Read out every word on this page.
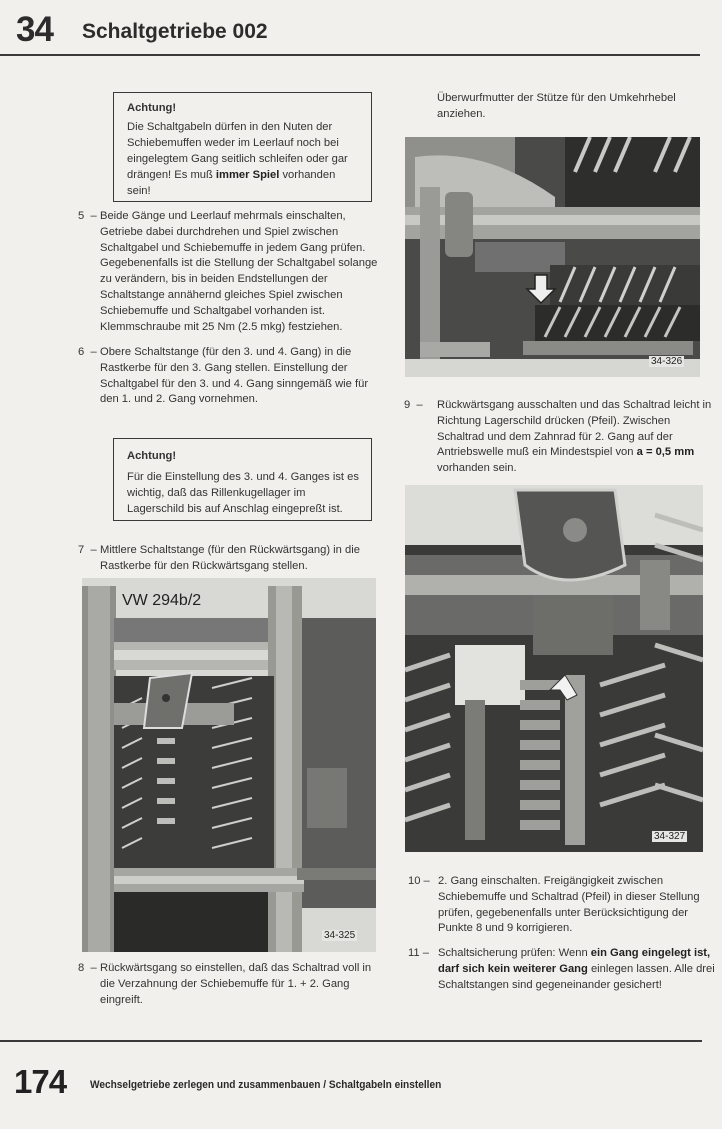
34 Schaltgetriebe 002
Achtung!
Die Schaltgabeln dürfen in den Nuten der Schiebemuffen weder im Leerlauf noch bei eingelegtem Gang seitlich schleifen oder gar drängen! Es muß immer Spiel vorhanden sein!
5  – Beide Gänge und Leerlauf mehrmals einschalten, Getriebe dabei durchdrehen und Spiel zwischen Schaltgabel und Schiebemuffe in jedem Gang prüfen. Gegebenenfalls ist die Stellung der Schaltgabel solange zu verändern, bis in beiden Endstellungen der Schaltstange annähernd gleiches Spiel zwischen Schiebemuffe und Schaltgabel vorhanden ist. Klemmschraube mit 25 Nm (2.5 mkg) festziehen.
6  – Obere Schaltstange (für den 3. und 4. Gang) in die Rastkerbe für den 3. Gang stellen. Einstellung der Schaltgabel für den 3. und 4. Gang sinngemäß wie für den 1. und 2. Gang vornehmen.
Achtung!
Für die Einstellung des 3. und 4. Ganges ist es wichtig, daß das Rillenkugellager im Lagerschild bis auf Anschlag eingepreßt ist.
7  – Mittlere Schaltstange (für den Rückwärtsgang) in die Rastkerbe für den Rückwärtsgang stellen.
34-325
VW 294b/2
8  – Rückwärtsgang so einstellen, daß das Schaltrad voll in die Verzahnung der Schiebemuffe für 1. + 2. Gang eingreift.
Überwurfmutter der Stütze für den Umkehrhebel anziehen.
34-326
9  – Rückwärtsgang ausschalten und das Schaltrad leicht in Richtung Lagerschild drücken (Pfeil). Zwischen Schaltrad und dem Zahnrad für 2. Gang auf der Antriebswelle muß ein Mindestspiel von a = 0,5 mm vorhanden sein.
34-327
10 – 2. Gang einschalten. Freigängigkeit zwischen Schiebemuffe und Schaltrad (Pfeil) in dieser Stellung prüfen, gegebenenfalls unter Berücksichtigung der Punkte 8 und 9 korrigieren.
11 – Schaltsicherung prüfen: Wenn ein Gang eingelegt ist, darf sich kein weiterer Gang einlegen lassen. Alle drei Schaltstangen sind gegeneinander gesichert!
174 Wechselgetriebe zerlegen und zusammenbauen / Schaltgabeln einstellen
